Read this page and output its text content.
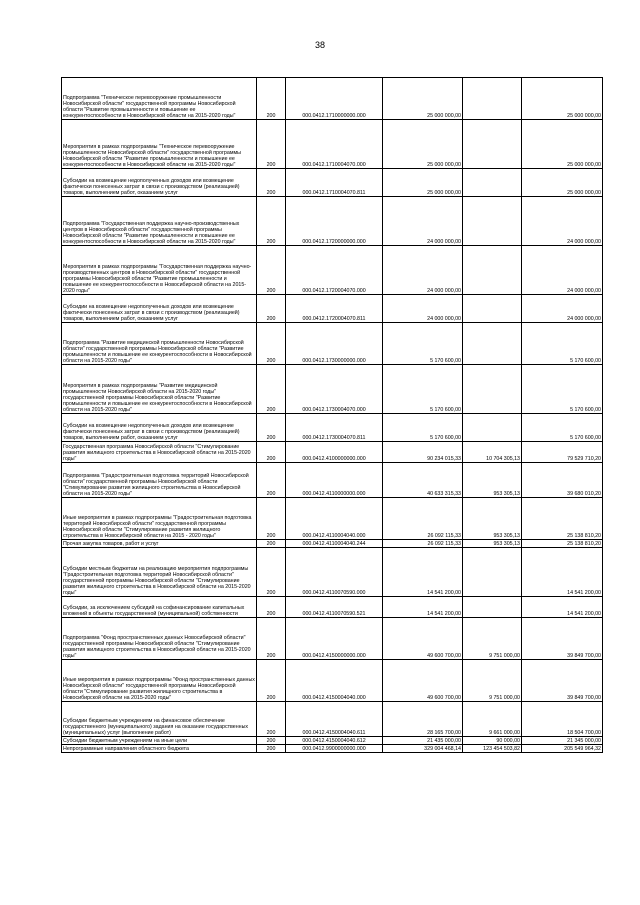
38
Подпрограмма "Техническое перевооружение промышленности Новосибирской области" государственной программы Новосибирской области "Развитие промышленности и повышение ее конкурентоспособности в Новосибирской области на 2015-2020 годы"	200	000.0412.1710000000.000	25 000 000,00		25 000 000,00
Мероприятия в рамках подпрограммы "Техническое перевооружение промышленности Новосибирской области" государственной программы Новосибирской области "Развитие промышленности и повышение ее конкурентоспособности в Новосибирской области на 2015-2020 годы"	200	000.0412.1710004070.000	25 000 000,00		25 000 000,00
Субсидии на возмещение недополученных доходов или возмещение фактически понесенных затрат в связи с производством (реализацией) товаров, выполнением работ, оказанием услуг	200	000.0412.1710004070.811	25 000 000,00		25 000 000,00
Подпрограмма "Государственная поддержка научно-производственных центров в Новосибирской области" государственной программы Новосибирской области "Развитие промышленности и повышение ее конкурентоспособности в Новосибирской области на 2015-2020 годы"	200	000.0412.1720000000.000	24 000 000,00		24 000 000,00
Мероприятия в рамках подпрограммы "Государственная поддержка научно-производственных центров в Новосибирской области" государственной программы Новосибирской области "Развитие промышленности и повышение ее конкурентоспособности в Новосибирской области на 2015-2020 годы"	200	000.0412.1720004070.000	24 000 000,00		24 000 000,00
Субсидии на возмещение недополученных доходов или возмещение фактически понесенных затрат в связи с производством (реализацией) товаров, выполнением работ, оказанием услуг	200	000.0412.1720004070.811	24 000 000,00		24 000 000,00
Подпрограмма "Развитие медицинской промышленности Новосибирской области" государственной программы Новосибирской области "Развитие промышленности и повышение ее конкурентоспособности в Новосибирской области на 2015-2020 годы"	200	000.0412.1730000000.000	5 170 600,00		5 170 600,00
Мероприятия в рамках подпрограммы "Развитие медицинской промышленности Новосибирской области на 2015-2020 годы" государственной программы Новосибирской области "Развитие промышленности и повышение ее конкурентоспособности в Новосибирской области на 2015-2020 годы"	200	000.0412.1730004070.000	5 170 600,00		5 170 600,00
Субсидии на возмещение недополученных доходов или возмещение фактически понесенных затрат в связи с производством (реализацией) товаров, выполнением работ, оказанием услуг	200	000.0412.1730004070.811	5 170 600,00		5 170 600,00
Государственная программа Новосибирской области "Стимулирование развития жилищного строительства в Новосибирской области на 2015-2020 годы"	200	000.0412.4100000000.000	90 234 015,33	10 704 305,13	79 529 710,20
Подпрограмма "Градостроительная подготовка территорий Новосибирской области" государственной программы Новосибирской области "Стимулирование развития жилищного строительства в Новосибирской области на 2015-2020 годы"	200	000.0412.4110000000.000	40 633 315,33	953 305,13	39 680 010,20
Иные мероприятия в рамках подпрограммы "Градостроительная подготовка территорий Новосибирской области" государственной программы Новосибирской области "Стимулирование развития жилищного строительства в Новосибирской области на 2015 - 2020 годы"	200	000.0412.4110004040.000	26 092 115,33	953 305,13	25 138 810,20
Прочая закупка товаров, работ и услуг	200	000.0412.4110004040.244	26 092 115,33	953 305,13	25 138 810,20
Субсидии местным бюджетам на реализацию мероприятия подпрограммы "Градостроительная подготовка территорий Новосибирской области" государственной программы Новосибирской области "Стимулирование развития жилищного строительства в Новосибирской области на 2015-2020 годы"	200	000.0412.4110070590.000	14 541 200,00		14 541 200,00
Субсидии, за исключением субсидий на софинансирование капитальных вложений в объекты государственной (муниципальной) собственности	200	000.0412.4110070590.521	14 541 200,00		14 541 200,00
Подпрограмма "Фонд пространственных данных Новосибирской области" государственной программы Новосибирской области "Стимулирование развития жилищного строительства в Новосибирской области на 2015-2020 годы"	200	000.0412.4150000000.000	49 600 700,00	9 751 000,00	39 849 700,00
Иные мероприятия в рамках подпрограммы "Фонд пространственных данных Новосибирской области" государственной программы Новосибирской области "Стимулирование развития жилищного строительства в Новосибирской области на 2015-2020 годы"	200	000.0412.4150004040.000	49 600 700,00	9 751 000,00	39 849 700,00
Субсидии бюджетным учреждениям на финансовое обеспечение государственного (муниципального) задания на оказание государственных (муниципальных) услуг (выполнение работ)	200	000.0412.4150004040.611	28 165 700,00	9 661 000,00	18 504 700,00
Субсидии бюджетным учреждениям на иные цели	200	000.0412.4150004040.612	21 435 000,00	90 000,00	21 345 000,00
Непрограммные направления областного бюджета	200	000.0412.9900000000.000	329 004 468,14	123 454 503,82	205 549 964,32
